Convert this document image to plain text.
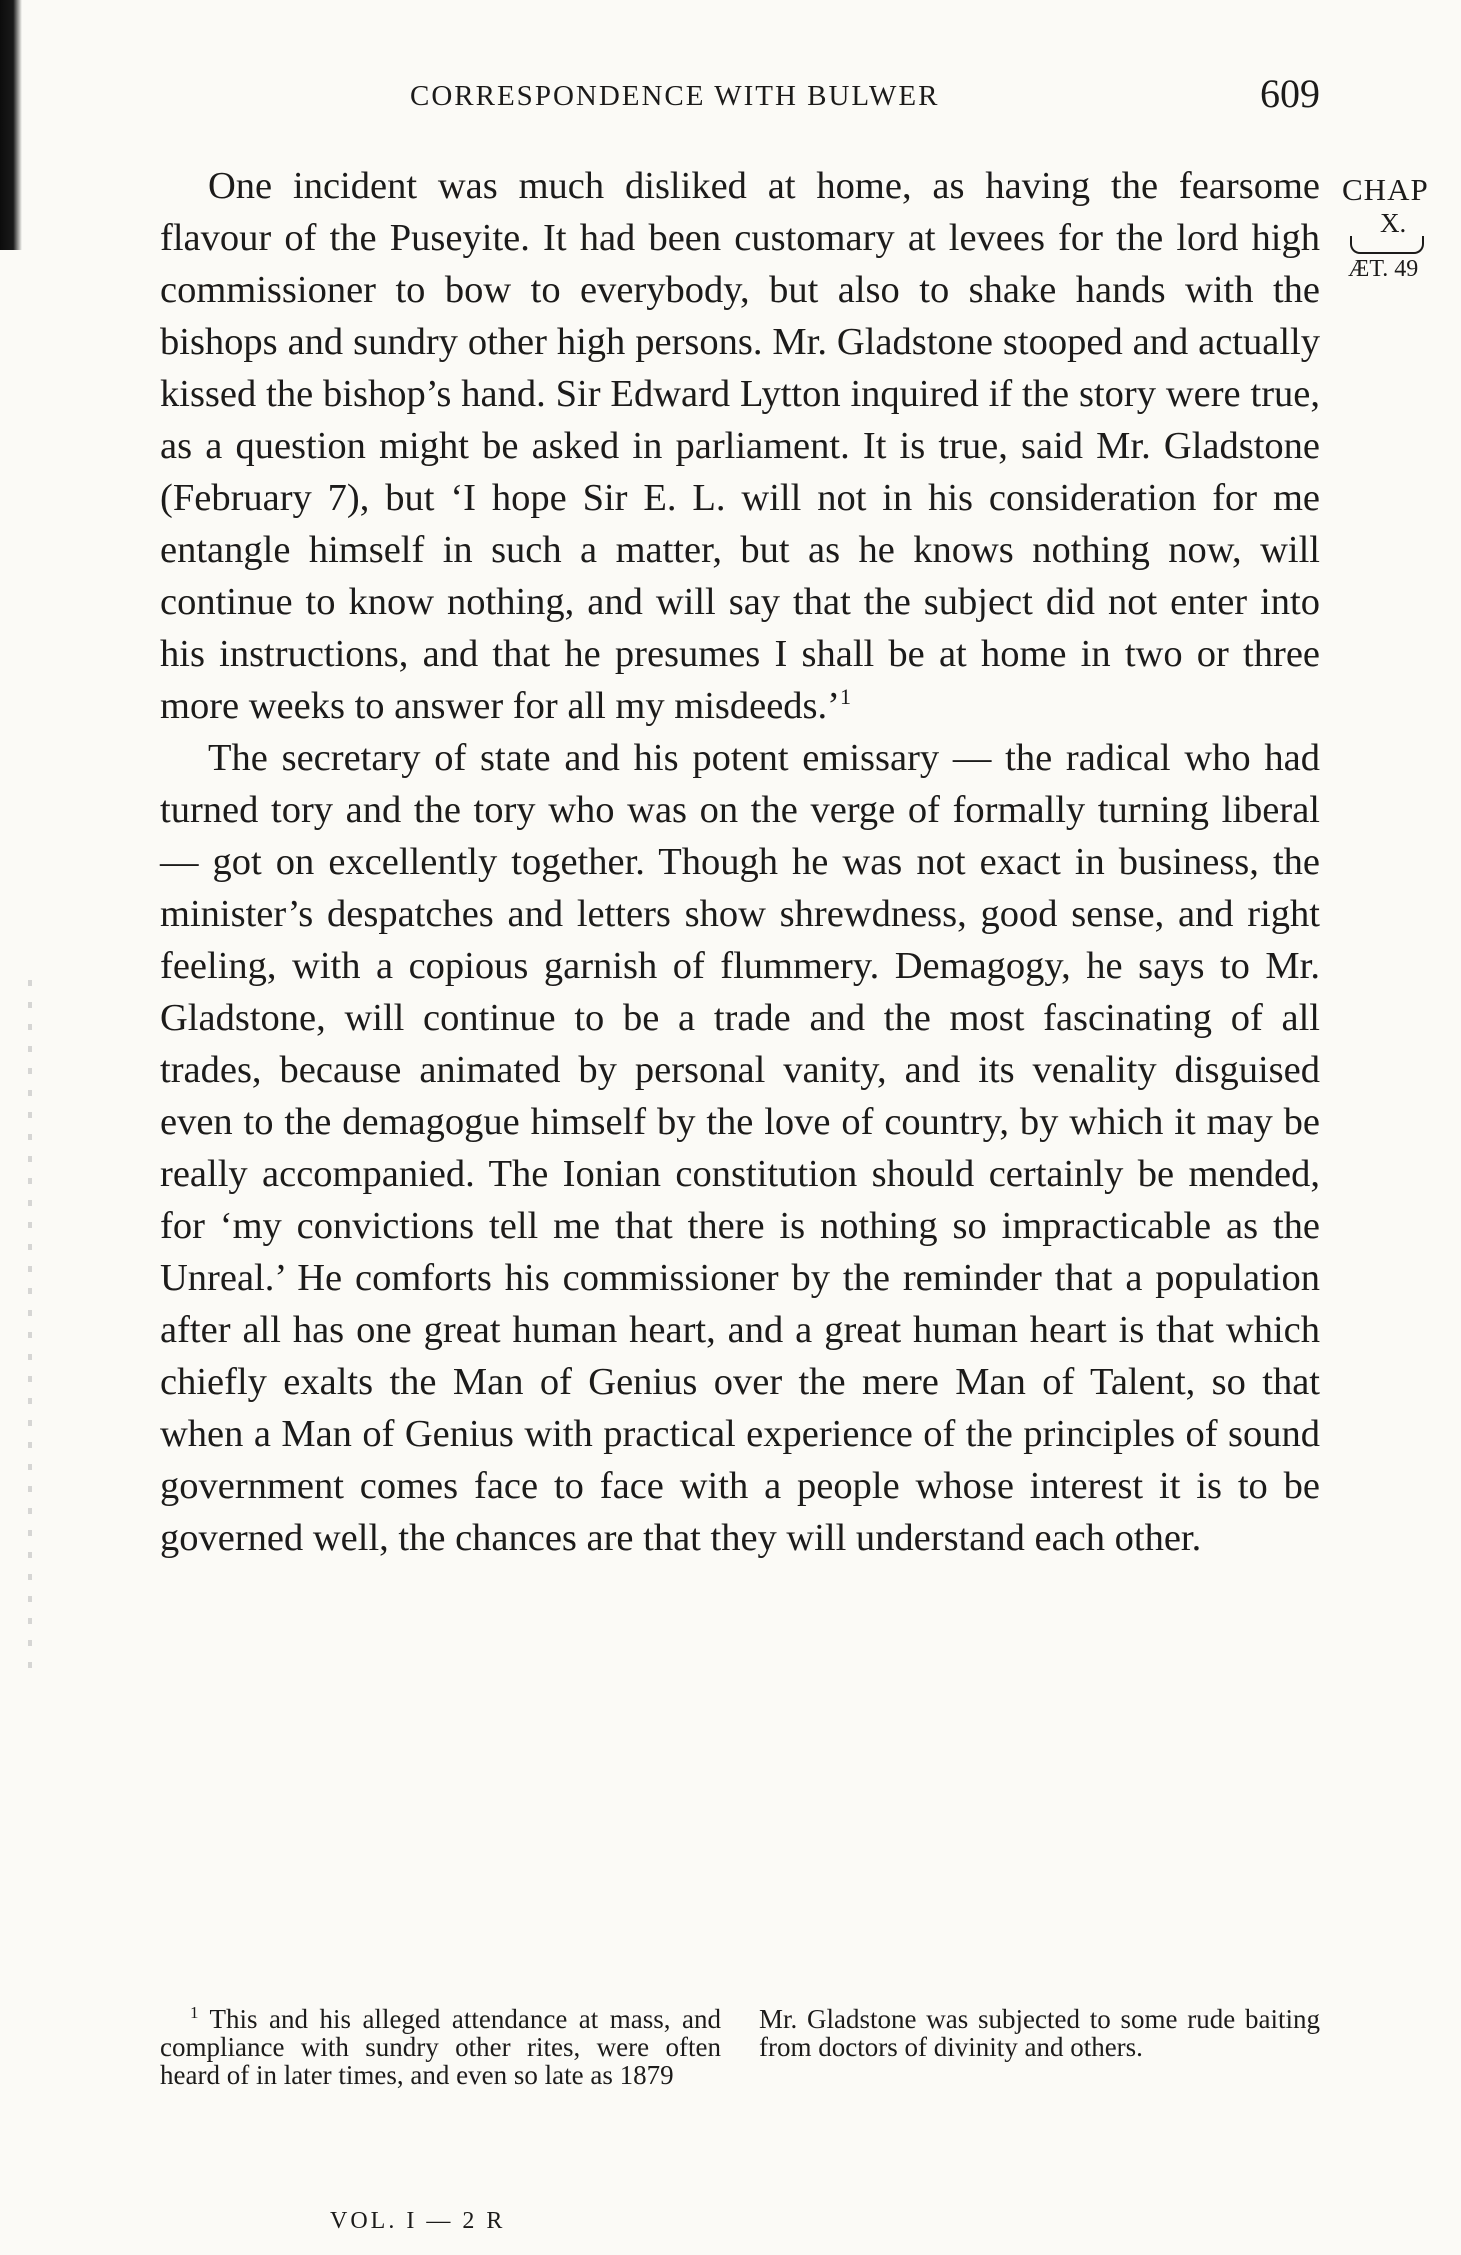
CORRESPONDENCE WITH BULWER	609
CHAP
X.
ÆT. 49

One incident was much disliked at home, as having the fearsome flavour of the Puseyite. It had been customary at levees for the lord high commissioner to bow to everybody, but also to shake hands with the bishops and sundry other high persons. Mr. Gladstone stooped and actually kissed the bishop’s hand. Sir Edward Lytton inquired if the story were true, as a question might be asked in parliament. It is true, said Mr. Gladstone (February 7), but ‘I hope Sir E. L. will not in his consideration for me entangle himself in such a matter, but as he knows nothing now, will continue to know nothing, and will say that the subject did not enter into his instructions, and that he presumes I shall be at home in two or three more weeks to answer for all my misdeeds.’$^1$

The secretary of state and his potent emissary — the radical who had turned tory and the tory who was on the verge of formally turning liberal — got on excellently together. Though he was not exact in business, the minister’s despatches and letters show shrewdness, good sense, and right feeling, with a copious garnish of flummery. Demagogy, he says to Mr. Gladstone, will continue to be a trade and the most fascinating of all trades, because animated by personal vanity, and its venality disguised even to the demagogue himself by the love of country, by which it may be really accompanied. The Ionian constitution should certainly be mended, for ‘my convictions tell me that there is nothing so impracticable as the Unreal.’ He comforts his commissioner by the reminder that a population after all has one great human heart, and a great human heart is that which chiefly exalts the Man of Genius over the mere Man of Talent, so that when a Man of Genius with practical experience of the principles of sound government comes face to face with a people whose interest it is to be governed well, the chances are that they will understand each other.

$^1$ This and his alleged attendance at mass, and compliance with sundry other rites, were often heard of in later times, and even so late as 1879
Mr. Gladstone was subjected to some rude baiting from doctors of divinity and others.
VOL. I — 2 R
